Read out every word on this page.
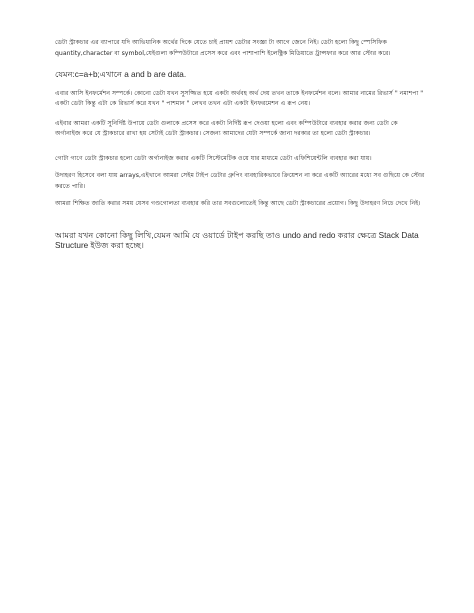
ডেটা স্ট্রাকচার এর ব্যাপারে যদি আভিধানিক অর্থের দিকে যেতে চাই প্রায়শ ডেটার সংজ্ঞা টা আগে জেনে নিই। ডেটা হলো কিছু স্পেসিফিক quantity,character বা symbol,যেইগুলা কম্পিউটারে প্রসেস করে এবং পাশাপাশি ইলেক্ট্রিক মিডিয়াতে ট্রান্সফার করে আর স্টোর করে।

যেমন:c=a+b;এখানে a and b are data.

এবার আসি ইনফর্মেশন সম্পর্কে। কোনো ডেটা যখন সুসজ্জিত হয়ে একটা অর্থবহ অর্থ দেয় তখন তাকে ইনফর্মেশন বলে। আমার নামের রিভার্স " নমাশপা " একটা ডেটা কিন্তু এটা কে রিভার্স করে যখন " পাশমান " লেখব তখন এটা একটা ইনফরমেশন এ রূপ নেয়।

এইবার আমরা একটি সুনির্দিষ্ট উপায়ে ডেটা গুলাকে প্রসেস করে একটা নির্দিষ্ট রূপ দেওয়া হলো এবং কম্পিউটারে ব্যবহার করার জন্য ডেটা কে অর্গানাইজ করে যে স্ট্রাকচারে রাখা হয় সেটাই ডেটা স্ট্রাকচার। সেজন্য আমাদের যেটা সম্পর্কে জানা দরকার তা হলো ডেটা স্ট্রাকচার।

গোটা গাণে ডেটা স্ট্রাকচার হলো ডেটা অর্গানাইজ করার একটি সিস্টেমেটিক ওয়ে যার মাধ্যমে ডেটা এফিশিয়েন্টলি ব্যবহার করা যায়।

উদাহরণ হিসেবে বলা যায় arrays,এইখানে আমরা সেইম টাইপ ডেটার গ্রুপিং ব্যবহারিকভাবে ক্রিয়েশন না করে একটি অ্যারের মধ্যে সব গুছিয়ে কে স্টোর করতে পারি।

আমরা শিক্ষিত জাতি করার সময় যেসব গণ্ডগোলতা ব্যবহার করি তার সবগুলোতেই কিন্তু আছে ডেটা স্ট্রাকচারের প্রয়োগ। কিছু উদাহরণ নিচে দেখে নিই।

আমরা যখন কোনো কিছু লিখি,যেমন আমি যে ওয়ার্ডে টাইপ করছি তাও undo and redo করার ক্ষেত্রে Stack Data Structure ইউজ করা হচ্ছে।
